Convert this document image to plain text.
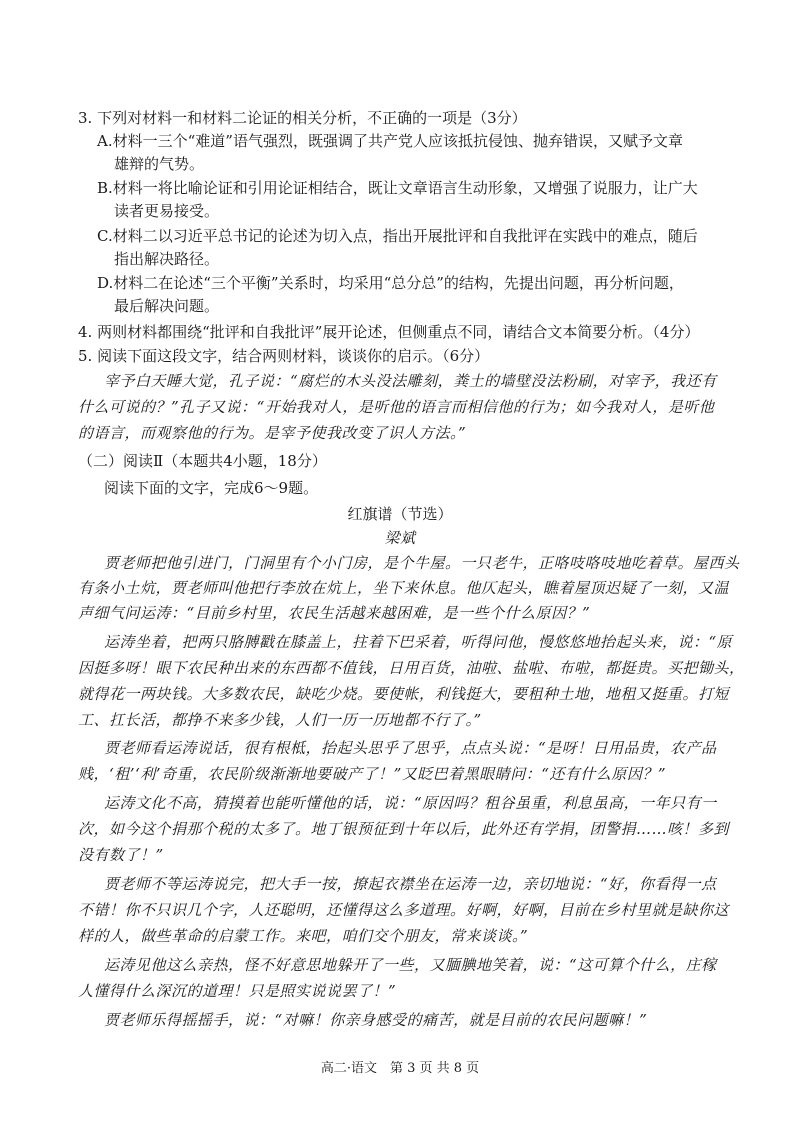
3. 下列对材料一和材料二论证的相关分析，不正确的一项是（3分）
A.材料一三个“难道”语气强烈，既强调了共产党人应该抵抗侵蚀、抛弃错误，又赋予文章
雄辩的气势。
B.材料一将比喻论证和引用论证相结合，既让文章语言生动形象，又增强了说服力，让广大
读者更易接受。
C.材料二以习近平总书记的论述为切入点，指出开展批评和自我批评在实践中的难点，随后
指出解决路径。
D.材料二在论述“三个平衡”关系时，均采用“总分总”的结构，先提出问题，再分析问题，
最后解决问题。
4. 两则材料都围绕“批评和自我批评”展开论述，但侧重点不同，请结合文本简要分析。（4分）
5. 阅读下面这段文字，结合两则材料，谈谈你的启示。（6分）
宰予白天睡大觉，孔子说：“腐烂的木头没法雕刻，粪土的墙壁没法粉刷，对宰予，我还有
什么可说的？”孔子又说：“开始我对人，是听他的语言而相信他的行为；如今我对人，是听他
的语言，而观察他的行为。是宰予使我改变了识人方法。”
（二）阅读Ⅱ（本题共4小题，18分）
阅读下面的文字，完成6～9题。
红旗谱（节选）
梁斌
贾老师把他引进门，门洞里有个小门房，是个牛屋。一只老牛，正咯吱咯吱地吃着草。屋西头
有条小土炕，贾老师叫他把行李放在炕上，坐下来休息。他仄起头，瞧着屋顶迟疑了一刻，又温
声细气问运涛：“目前乡村里，农民生活越来越困难，是一些个什么原因？”
运涛坐着，把两只胳膊戳在膝盖上，拄着下巴采着，听得问他，慢悠悠地抬起头来，说：“原
因挺多呀！眼下农民种出来的东西都不值钱，日用百货，油啦、盐啦、布啦，都挺贵。买把锄头，
就得花一两块钱。大多数农民，缺吃少烧。要使帐，利钱挺大，要租种土地，地租又挺重。打短
工、扛长活，都挣不来多少钱，人们一历一历地都不行了。”
贾老师看运涛说话，很有根柢，抬起头思乎了思乎，点点头说：“是呀！日用品贵，农产品
贱，‘租’‘利’奇重，农民阶级渐渐地要破产了！”又眨巴着黑眼睛问：“还有什么原因？”
运涛文化不高，猜摸着也能听懂他的话，说：“原因吗？租谷虽重，利息虽高，一年只有一
次，如今这个捐那个税的太多了。地丁银预征到十年以后，此外还有学捐，团警捐……咳！多到
没有数了！”
贾老师不等运涛说完，把大手一按，撩起衣襟坐在运涛一边，亲切地说：“好，你看得一点
不错！你不只识几个字，人还聪明，还懂得这么多道理。好啊，好啊，目前在乡村里就是缺你这
样的人，做些革命的启蒙工作。来吧，咱们交个朋友，常来谈谈。”
运涛见他这么亲热，怪不好意思地躲开了一些，又腼腆地笑着，说：“这可算个什么，庄稼
人懂得什么深沉的道理！只是照实说说罢了！”
贾老师乐得摇摇手，说：“对嘛！你亲身感受的痛苦，就是目前的农民问题嘛！”
高二·语文　第 3 页 共 8 页
